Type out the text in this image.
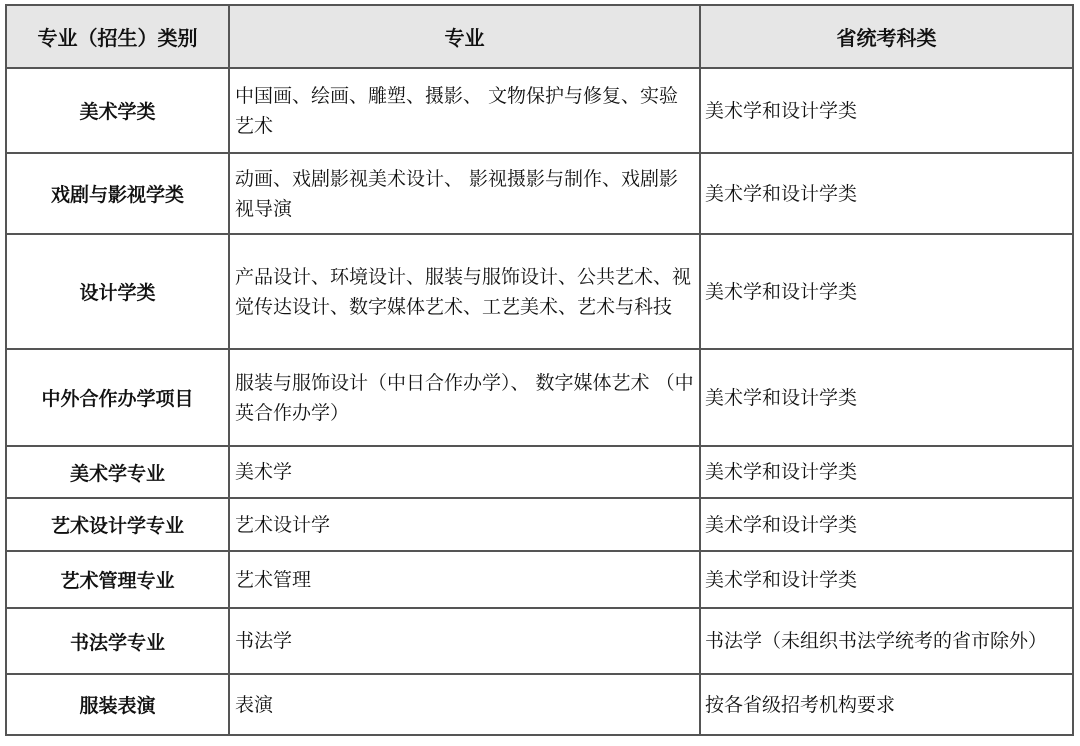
专业（招生）类别	专业	省统考科类
美术学类	中国画、绘画、雕塑、摄影、 文物保护与修复、实验艺术	美术学和设计学类
戏剧与影视学类	动画、戏剧影视美术设计、 影视摄影与制作、戏剧影视导演	美术学和设计学类
设计学类	产品设计、环境设计、服装与服饰设计、公共艺术、视觉传达设计、数字媒体艺术、工艺美术、艺术与科技	美术学和设计学类
中外合作办学项目	服装与服饰设计（中日合作办学）、 数字媒体艺术 （中英合作办学）	美术学和设计学类
美术学专业	美术学	美术学和设计学类
艺术设计学专业	艺术设计学	美术学和设计学类
艺术管理专业	艺术管理	美术学和设计学类
书法学专业	书法学	书法学（未组织书法学统考的省市除外）
服装表演	表演	按各省级招考机构要求
